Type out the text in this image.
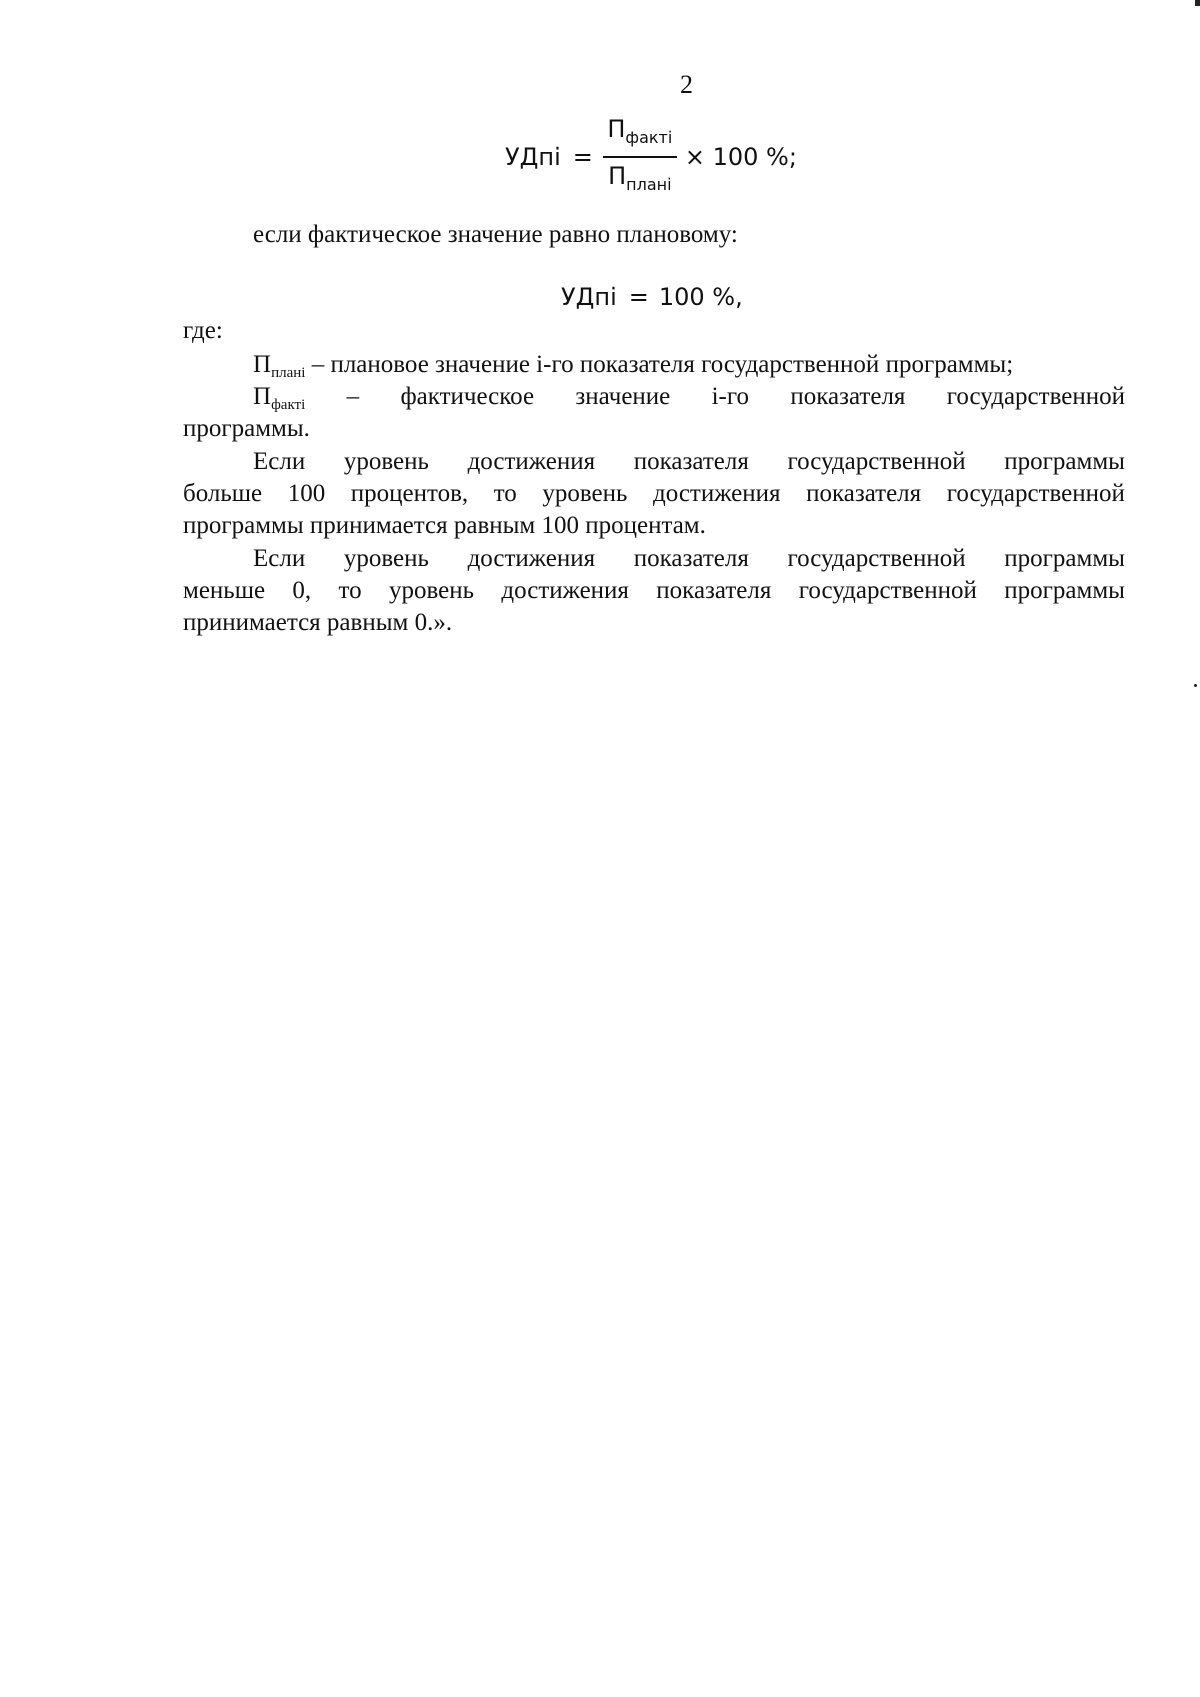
2
УДпі = $\frac{П_{факті}}{П_{плані}} \times 100$ %;
если фактическое значение равно плановому:
УДпі = 100 %,
где:
$П_{плані}$ – плановое значение і-го показателя государственной программы;
Пфакті – фактическое значение і-го показателя государственной
программы.
Если уровень достижения показателя государственной программы
больше 100 процентов, то уровень достижения показателя государственной
программы принимается равным 100 процентам.
Если уровень достижения показателя государственной программы
меньше 0, то уровень достижения показателя государственной программы
принимается равным 0.».
